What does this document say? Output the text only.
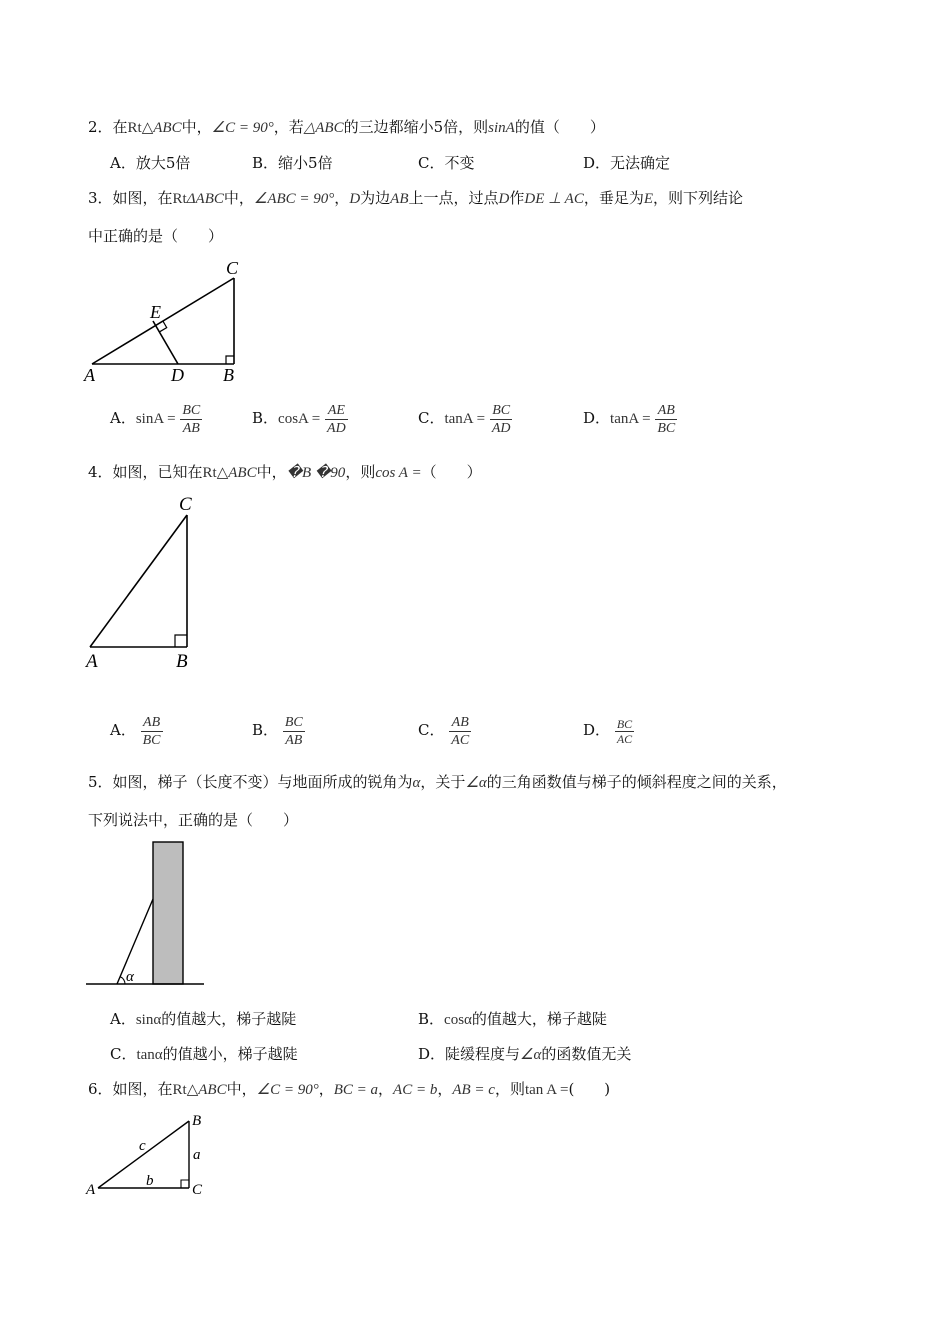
2．在Rt△ABC中，∠C = 90°，若△ABC的三边都缩小5倍，则sinA的值（　　）
A．放大5倍	B．缩小5倍	C．不变	D．无法确定
3．如图，在RtΔABC中，∠ABC = 90°，D为边AB上一点，过点D作DE ⊥ AC，垂足为E，则下列结论
中正确的是（　　）
C
E
A	D B
A．$\sin A = \frac{BC}{AB}$	B．$\cos A = \frac{AE}{AD}$	C．$\tan A = \frac{BC}{AD}$	D．$\tan A = \frac{AB}{BC}$
4．如图，已知在Rt△ABC中，�B �90，则cos A =（　　）
C
A	B
A． $\frac{AB}{BC}$	B． $\frac{BC}{AB}$	C． $\frac{AB}{AC}$	D． $\frac{BC}{AC}$
5．如图，梯子（长度不变）与地面所成的锐角为α，关于∠α的三角函数值与梯子的倾斜程度之间的关系，
下列说法中，正确的是（　　）
α
A．sinα的值越大，梯子越陡	B．cosα的值越大，梯子越陡
C．tanα的值越小，梯子越陡	D．陡缓程度与∠α的函数值无关
6．如图，在Rt△ABC中，∠C = 90°，BC = a，AC = b，AB = c，则tan A =(　　)
B
A	C
a
b
c
